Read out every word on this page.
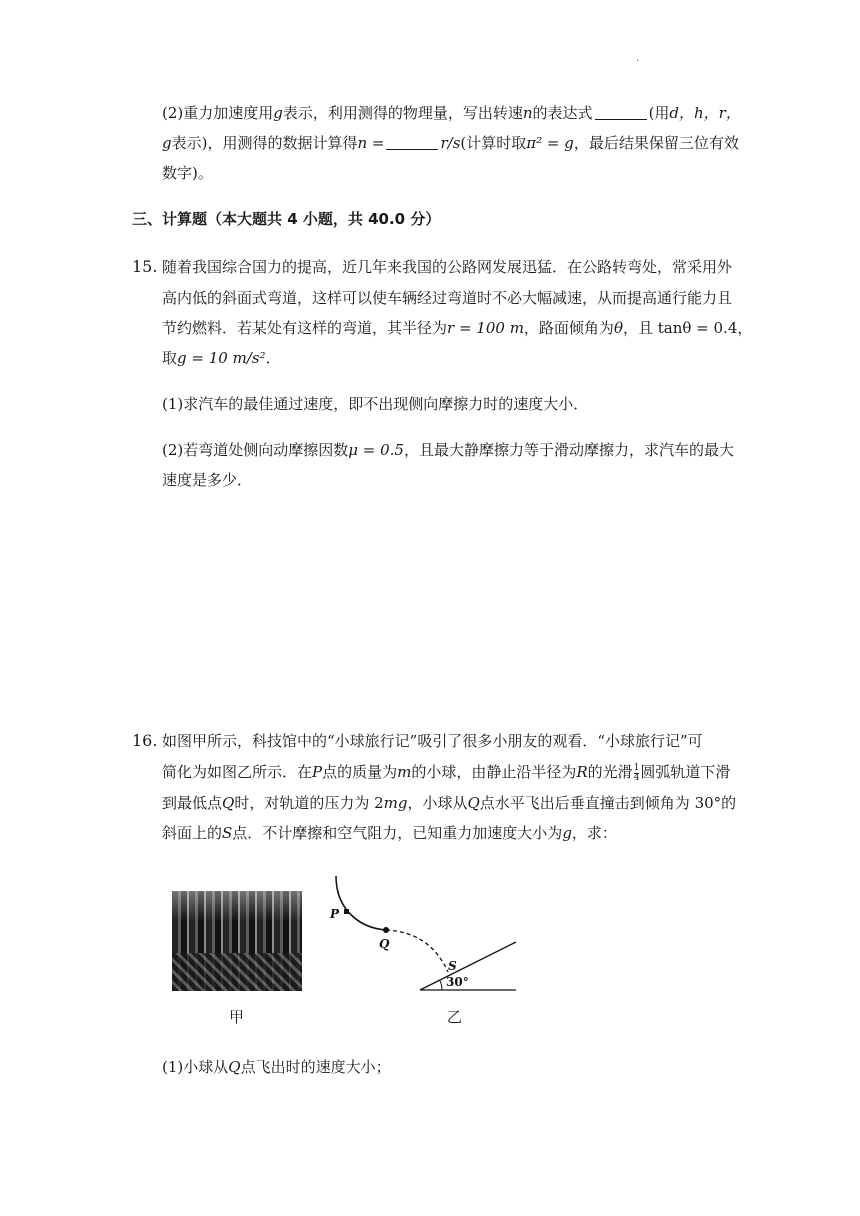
·
(2)重力加速度用g表示，利用测得的物理量，写出转速n的表达式	(用d，h，r，
g表示)，用测得的数据计算得n =	r/s(计算时取π² = g，最后结果保留三位有效
数字)。
三、计算题（本大题共 4 小题，共 40.0 分）
15. 随着我国综合国力的提高，近几年来我国的公路网发展迅猛．在公路转弯处，常采用外
高内低的斜面式弯道，这样可以使车辆经过弯道时不必大幅减速，从而提高通行能力且
节约燃料．若某处有这样的弯道，其半径为r = 100 m，路面倾角为θ，且 tanθ = 0.4，
取g = 10 m/s²．
(1)求汽车的最佳通过速度，即不出现侧向摩擦力时的速度大小．
(2)若弯道处侧向动摩擦因数μ = 0.5，且最大静摩擦力等于滑动摩擦力，求汽车的最大
速度是多少．
16. 如图甲所示，科技馆中的“小球旅行记”吸引了很多小朋友的观看．“小球旅行记”可
简化为如图乙所示．在P点的质量为m的小球，由静止沿半径为R的光滑 $\frac{1}{4}$ 圆弧轨道下滑
到最低点Q时，对轨道的压力为 2mg，小球从Q点水平飞出后垂直撞击到倾角为 30°的
斜面上的S点．不计摩擦和空气阻力，已知重力加速度大小为g，求：
甲
P
Q
S
30°
乙
(1)小球从Q点飞出时的速度大小；
